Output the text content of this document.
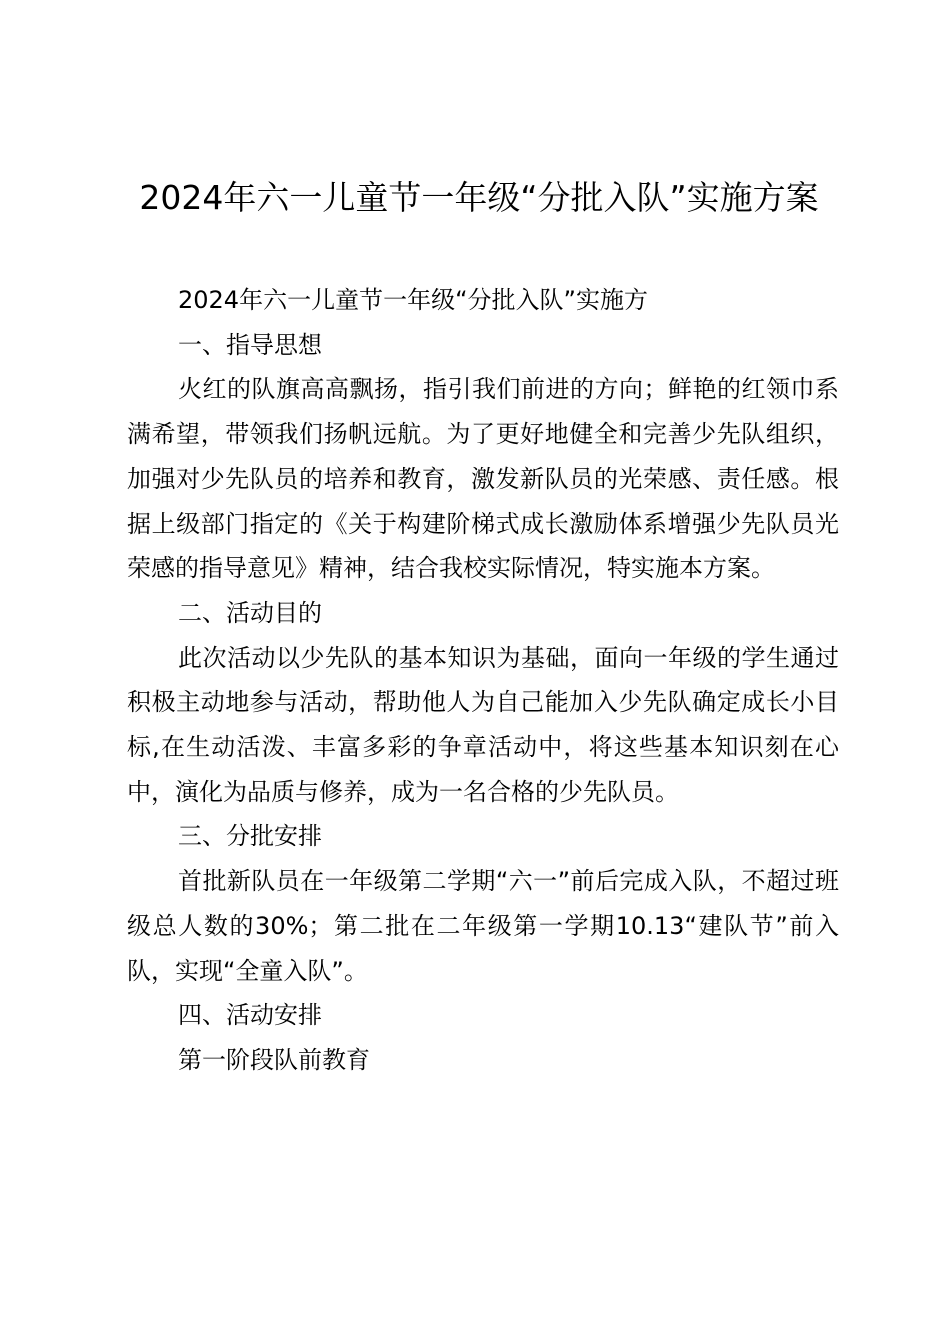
2024年六一儿童节一年级“分批入队”实施方案

2024年六一儿童节一年级“分批入队”实施方

一、指导思想

火红的队旗高高飘扬，指引我们前进的方向；鲜艳的红领巾系满希望，带领我们扬帆远航。为了更好地健全和完善少先队组织，加强对少先队员的培养和教育，激发新队员的光荣感、责任感。根据上级部门指定的《关于构建阶梯式成长激励体系增强少先队员光荣感的指导意见》精神，结合我校实际情况，特实施本方案。

二、活动目的

此次活动以少先队的基本知识为基础，面向一年级的学生通过积极主动地参与活动，帮助他人为自己能加入少先队确定成长小目标,在生动活泼、丰富多彩的争章活动中，将这些基本知识刻在心中，演化为品质与修养，成为一名合格的少先队员。

三、分批安排

首批新队员在一年级第二学期“六一”前后完成入队，不超过班级总人数的30%；第二批在二年级第一学期10.13“建队节”前入队，实现“全童入队”。

四、活动安排

第一阶段队前教育
